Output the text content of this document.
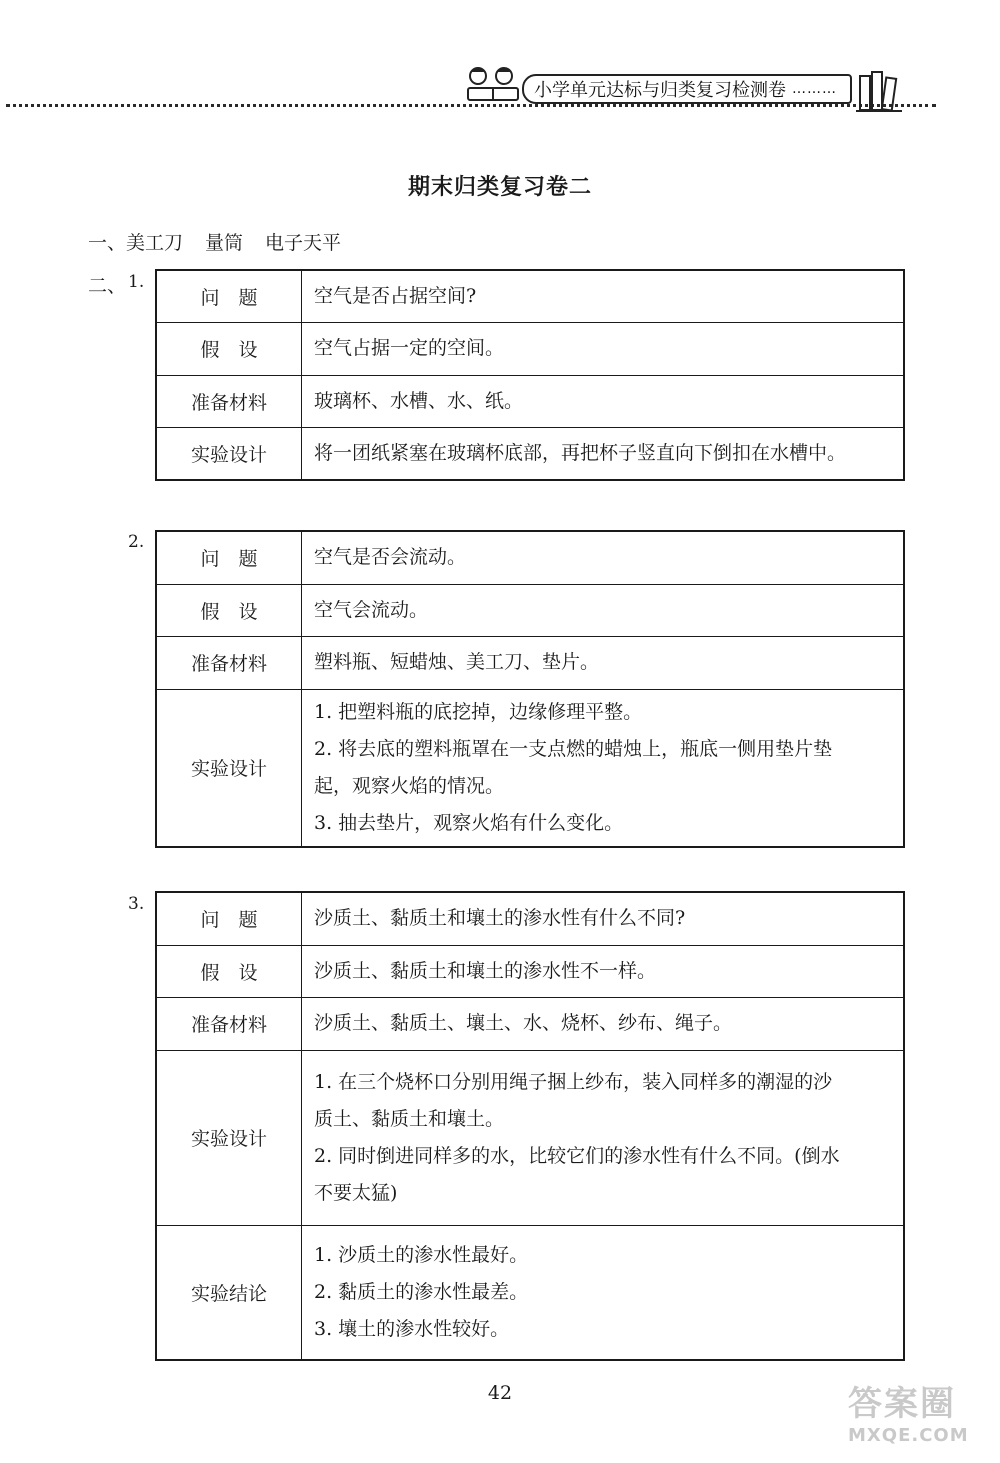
小学单元达标与归类复习检测卷 ………
期末归类复习卷二
一、美工刀 量筒 电子天平
二、 1.
问　题	空气是否占据空间?
假　设	空气占据一定的空间。
准备材料	玻璃杯、水槽、水、纸。
实验设计	将一团纸紧塞在玻璃杯底部，再把杯子竖直向下倒扣在水槽中。
2.
问　题	空气是否会流动。
假　设	空气会流动。
准备材料	塑料瓶、短蜡烛、美工刀、垫片。
实验设计	1. 把塑料瓶的底挖掉，边缘修理平整。
2. 将去底的塑料瓶罩在一支点燃的蜡烛上，瓶底一侧用垫片垫
起，观察火焰的情况。
3. 抽去垫片，观察火焰有什么变化。
3.
问　题	沙质土、黏质土和壤土的渗水性有什么不同?
假　设	沙质土、黏质土和壤土的渗水性不一样。
准备材料	沙质土、黏质土、壤土、水、烧杯、纱布、绳子。
实验设计	1. 在三个烧杯口分别用绳子捆上纱布，装入同样多的潮湿的沙
质土、黏质土和壤土。
2. 同时倒进同样多的水，比较它们的渗水性有什么不同。(倒水
不要太猛)

实验结论	1. 沙质土的渗水性最好。
2. 黏质土的渗水性最差。
3. 壤土的渗水性较好。
42	答案圈
MXQE.COM
